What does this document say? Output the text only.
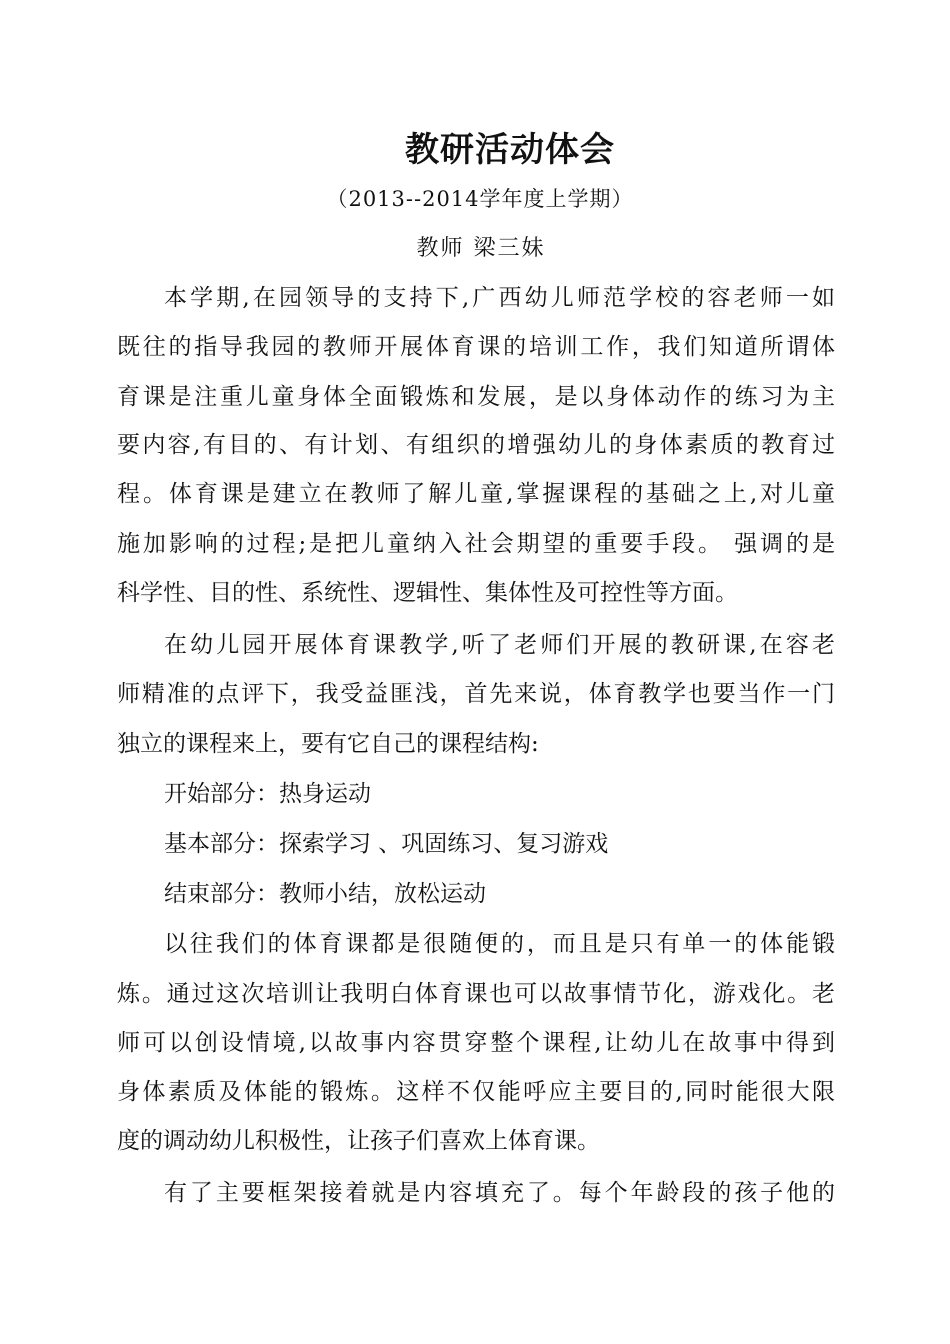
教研活动体会
（2013--2014学年度上学期）
教师 梁三妹
本学期,在园领导的支持下,广西幼儿师范学校的容老师一如
既往的指导我园的教师开展体育课的培训工作，我们知道所谓体
育课是注重儿童身体全面锻炼和发展，是以身体动作的练习为主
要内容,有目的、有计划、有组织的增强幼儿的身体素质的教育过
程。体育课是建立在教师了解儿童,掌握课程的基础之上,对儿童
施加影响的过程;是把儿童纳入社会期望的重要手段。 强调的是
科学性、目的性、系统性、逻辑性、集体性及可控性等方面。
在幼儿园开展体育课教学,听了老师们开展的教研课,在容老
师精准的点评下，我受益匪浅，首先来说，体育教学也要当作一门
独立的课程来上，要有它自己的课程结构:
开始部分：热身运动
基本部分：探索学习 、巩固练习、复习游戏
结束部分：教师小结，放松运动
以往我们的体育课都是很随便的，而且是只有单一的体能锻
炼。通过这次培训让我明白体育课也可以故事情节化，游戏化。老
师可以创设情境,以故事内容贯穿整个课程,让幼儿在故事中得到
身体素质及体能的锻炼。这样不仅能呼应主要目的,同时能很大限
度的调动幼儿积极性，让孩子们喜欢上体育课。
有了主要框架接着就是内容填充了。每个年龄段的孩子他的
